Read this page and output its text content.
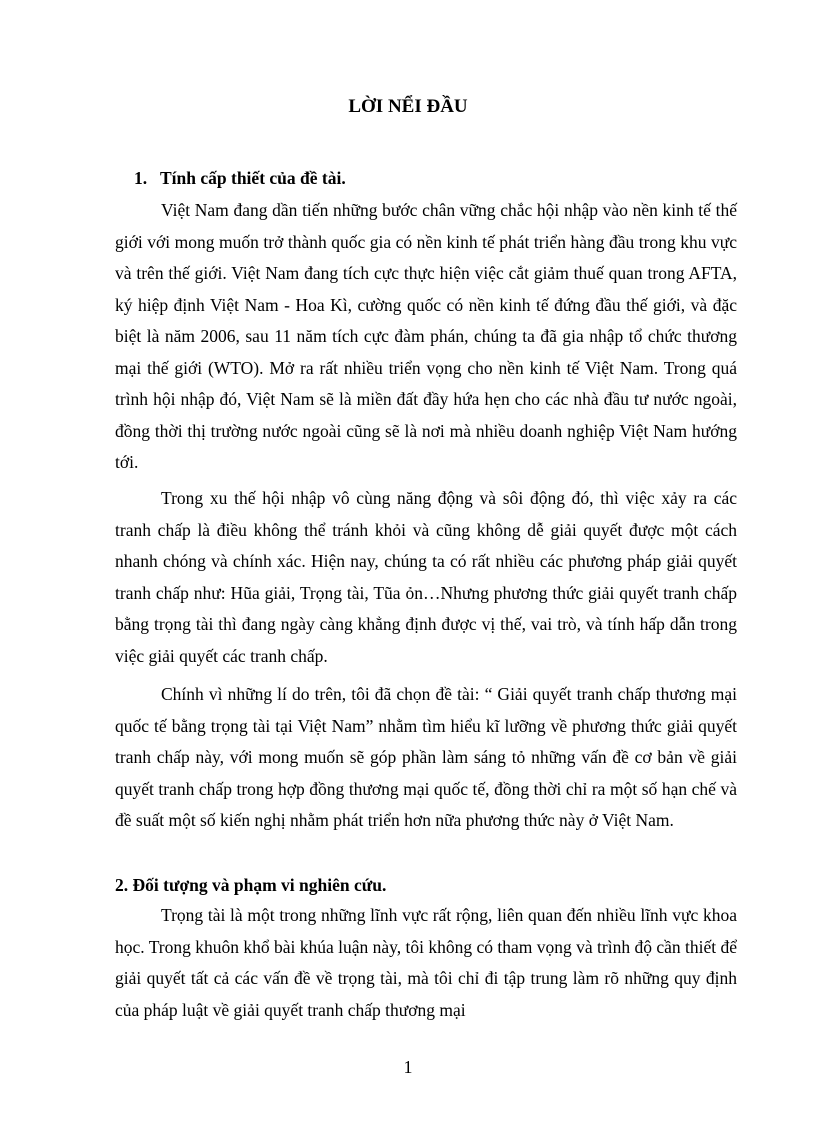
LỜI NỂI ĐẦU
1. Tính cấp thiết của đề tài.
Việt Nam đang dần tiến những bước chân vững chắc hội nhập vào nền kinh tế thế giới với mong muốn trở thành quốc gia có nền kinh tế phát triển hàng đầu trong khu vực và trên thế giới. Việt Nam đang tích cực thực hiện việc cắt giảm thuế quan trong AFTA, ký hiệp định Việt Nam - Hoa Kì, cường quốc có nền kinh tế đứng đầu thế giới, và đặc biệt là năm 2006, sau 11 năm tích cực đàm phán, chúng ta đã gia nhập tổ chức thương mại thế giới (WTO). Mở ra rất nhiều triển vọng cho nền kinh tế Việt Nam. Trong quá trình hội nhập đó, Việt Nam sẽ là miền đất đầy hứa hẹn cho các nhà đầu tư nước ngoài, đồng thời thị trường nước ngoài cũng sẽ là nơi mà nhiều doanh nghiệp Việt Nam hướng tới.
Trong xu thế hội nhập vô cùng năng động và sôi động đó, thì việc xảy ra các tranh chấp là điều không thể tránh khỏi và cũng không dễ giải quyết được một cách nhanh chóng và chính xác. Hiện nay, chúng ta có rất nhiều các phương pháp giải quyết tranh chấp như: Hũa giải, Trọng tài, Tũa ỏn…Nhưng phương thức giải quyết tranh chấp bằng trọng tài thì đang ngày càng khẳng định được vị thế, vai trò, và tính hấp dẫn trong việc giải quyết các tranh chấp.
Chính vì những lí do trên, tôi đã chọn đề tài: “ Giải quyết tranh chấp thương mại quốc tế bằng trọng tài tại Việt Nam” nhằm tìm hiểu kĩ lưỡng về phương thức giải quyết tranh chấp này, với mong muốn sẽ góp phần làm sáng tỏ những vấn đề cơ bản về giải quyết tranh chấp trong hợp đồng thương mại quốc tế, đồng thời chỉ ra một số hạn chế và đề suất một số kiến nghị nhằm phát triển hơn nữa phương thức này ở Việt Nam.
2. Đối tượng và phạm vi nghiên cứu.
Trọng tài là một trong những lĩnh vực rất rộng, liên quan đến nhiều lĩnh vực khoa học. Trong khuôn khổ bài khúa luận này, tôi không có tham vọng và trình độ cần thiết để giải quyết tất cả các vấn đề về trọng tài, mà tôi chỉ đi tập trung làm rõ những quy định của pháp luật về giải quyết tranh chấp thương mại
1
